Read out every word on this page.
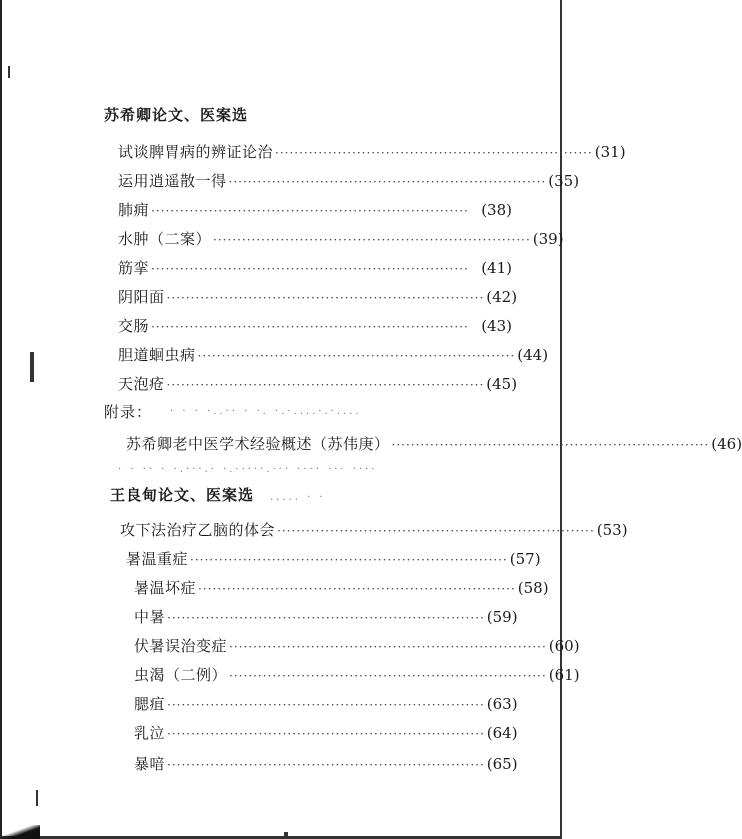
苏希卿论文、医案选
试谈脾胃病的辨证论治 ·································································· (31)
运用逍遥散一得 ·································································· (35)
肺痈 ·································································· (38)
水肿（二案） ·································································· (39)
筋挛 ·································································· (41)
阴阳面 ·································································· (42)
交肠 ·································································· (43)
胆道蛔虫病 ·································································· (44)
天泡疮 ·································································· (45)
附录： · · · ·..·· · ·. ·.·....·.·....
苏希卿老中医学术经验概述（苏伟庚） ·································································· (46)
· · ·· · ·.···.· ·.·····.··· ···· ··· ····
王良甸论文、医案选 ..... · ·
攻下法治疗乙脑的体会 ·································································· (53)
暑温重症 ·································································· (57)
暑温坏症 ·································································· (58)
中暑 ·································································· (59)
伏暑误治变症 ·································································· (60)
虫渴（二例） ·································································· (61)
腮疽 ·································································· (63)
乳泣 ·································································· (64)
暴喑 ·································································· (65)
